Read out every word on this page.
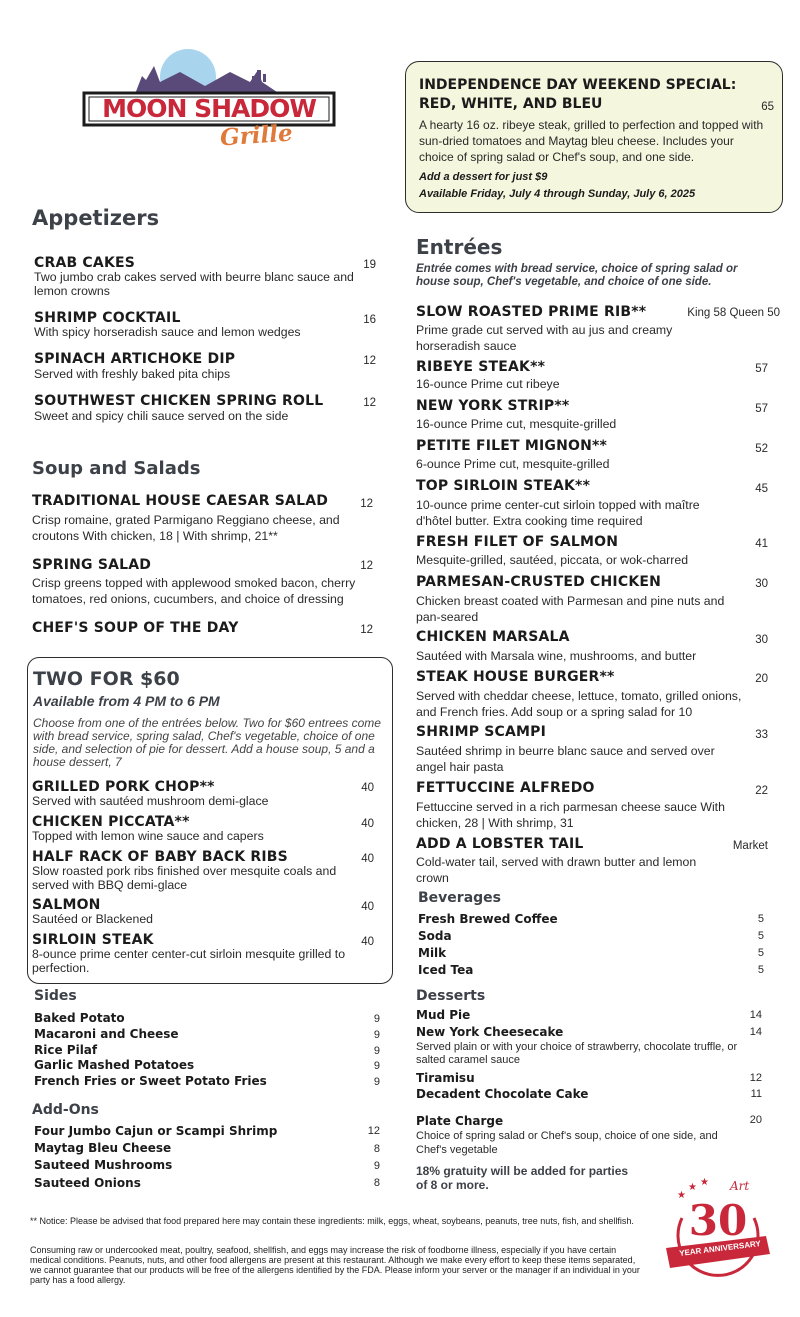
MOON SHADOW
Grille
INDEPENDENCE DAY WEEKEND SPECIAL:
RED, WHITE, AND BLEU	65
A hearty 16 oz. ribeye steak, grilled to perfection and topped with sun-dried tomatoes and Maytag bleu cheese. Includes your choice of spring salad or Chef's soup, and one side.
Add a dessert for just $9
Available Friday, July 4 through Sunday, July 6, 2025
Appetizers
CRAB CAKES	19
Two jumbo crab cakes served with beurre blanc sauce and lemon crowns
SHRIMP COCKTAIL	16
With spicy horseradish sauce and lemon wedges
SPINACH ARTICHOKE DIP	12
Served with freshly baked pita chips
SOUTHWEST CHICKEN SPRING ROLL	12
Sweet and spicy chili sauce served on the side
Soup and Salads
TRADITIONAL HOUSE CAESAR SALAD	12
Crisp romaine, grated Parmigano Reggiano cheese, and croutons With chicken, 18 | With shrimp, 21**
SPRING SALAD	12
Crisp greens topped with applewood smoked bacon, cherry tomatoes, red onions, cucumbers, and choice of dressing
CHEF'S SOUP OF THE DAY	12
TWO FOR $60
Available from 4 PM to 6 PM
Choose from one of the entrées below. Two for $60 entrees come with bread service, spring salad, Chef's vegetable, choice of one side, and selection of pie for dessert. Add a house soup, 5 and a house dessert, 7
GRILLED PORK CHOP**	40
Served with sautéed mushroom demi-glace
CHICKEN PICCATA**	40
Topped with lemon wine sauce and capers
HALF RACK OF BABY BACK RIBS	40
Slow roasted pork ribs finished over mesquite coals and served with BBQ demi-glace
SALMON	40
Sautéed or Blackened
SIRLOIN STEAK	40
8-ounce prime center center-cut sirloin mesquite grilled to perfection.
Sides
Baked Potato	9
Macaroni and Cheese	9
Rice Pilaf	9
Garlic Mashed Potatoes	9
French Fries or Sweet Potato Fries	9
Add-Ons
Four Jumbo Cajun or Scampi Shrimp	12
Maytag Bleu Cheese	8
Sauteed Mushrooms	9
Sauteed Onions	8
Entrées
Entrée comes with bread service, choice of spring salad or house soup, Chef's vegetable, and choice of one side.
SLOW ROASTED PRIME RIB**	King 58 Queen 50
Prime grade cut served with au jus and creamy horseradish sauce
RIBEYE STEAK**	57
16-ounce Prime cut ribeye
NEW YORK STRIP**	57
16-ounce Prime cut, mesquite-grilled
PETITE FILET MIGNON**	52
6-ounce Prime cut, mesquite-grilled
TOP SIRLOIN STEAK**	45
10-ounce prime center-cut sirloin topped with maître d'hôtel butter. Extra cooking time required
FRESH FILET OF SALMON	41
Mesquite-grilled, sautéed, piccata, or wok-charred
PARMESAN-CRUSTED CHICKEN	30
Chicken breast coated with Parmesan and pine nuts and pan-seared
CHICKEN MARSALA	30
Sautéed with Marsala wine, mushrooms, and butter
STEAK HOUSE BURGER**	20
Served with cheddar cheese, lettuce, tomato, grilled onions, and French fries. Add soup or a spring salad for 10
SHRIMP SCAMPI	33
Sautéed shrimp in beurre blanc sauce and served over angel hair pasta
FETTUCCINE ALFREDO	22
Fettuccine served in a rich parmesan cheese sauce With chicken, 28 | With shrimp, 31
ADD A LOBSTER TAIL	Market
Cold-water tail, served with drawn butter and lemon crown
Beverages
Fresh Brewed Coffee	5
Soda	5
Milk	5
Iced Tea	5
Desserts
Mud Pie	14
New York Cheesecake	14
Served plain or with your choice of strawberry, chocolate truffle, or salted caramel sauce
Tiramisu	12
Decadent Chocolate Cake	11
Plate Charge	20
Choice of spring salad or Chef's soup, choice of one side, and Chef's vegetable
18% gratuity will be added for parties of 8 or more.
★
★ ★ Art
30
YEAR ANNIVERSARY
** Notice: Please be advised that food prepared here may contain these ingredients: milk, eggs, wheat, soybeans, peanuts, tree nuts, fish, and shellfish.
Consuming raw or undercooked meat, poultry, seafood, shellfish, and eggs may increase the risk of foodborne illness, especially if you have certain medical conditions. Peanuts, nuts, and other food allergens are present at this restaurant. Although we make every effort to keep these items separated, we cannot guarantee that our products will be free of the allergens identified by the FDA. Please inform your server or the manager if an individual in your party has a food allergy.
